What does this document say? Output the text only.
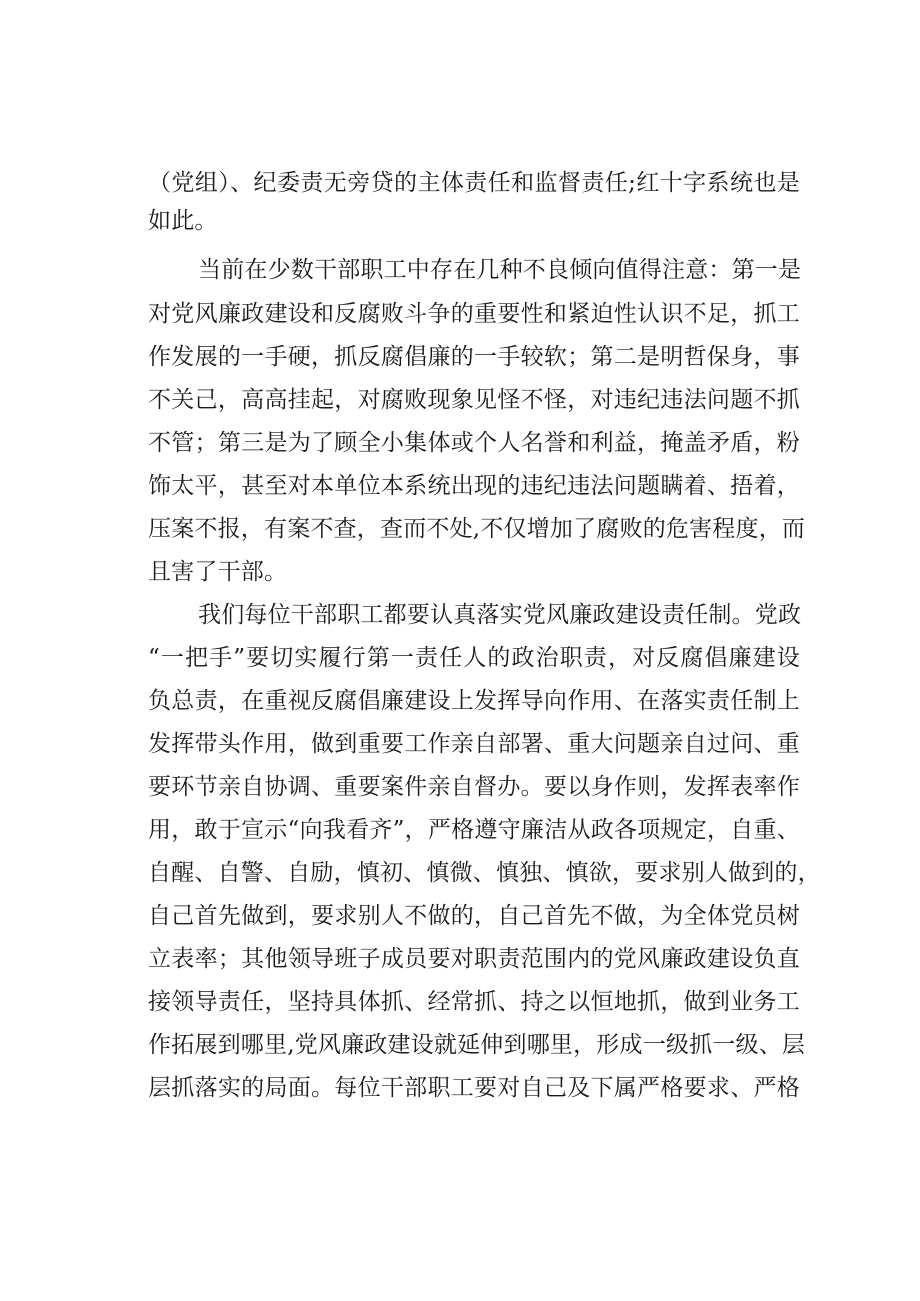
（党组）、纪委责无旁贷的主体责任和监督责任;红十字系统也是
如此。
当前在少数干部职工中存在几种不良倾向值得注意：第一是
对党风廉政建设和反腐败斗争的重要性和紧迫性认识不足，抓工
作发展的一手硬，抓反腐倡廉的一手较软；第二是明哲保身，事
不关己，高高挂起，对腐败现象见怪不怪，对违纪违法问题不抓
不管；第三是为了顾全小集体或个人名誉和利益，掩盖矛盾，粉
饰太平，甚至对本单位本系统出现的违纪违法问题瞒着、捂着，
压案不报，有案不查，查而不处,不仅增加了腐败的危害程度，而
且害了干部。
我们每位干部职工都要认真落实党风廉政建设责任制。党政
“一把手”要切实履行第一责任人的政治职责，对反腐倡廉建设
负总责，在重视反腐倡廉建设上发挥导向作用、在落实责任制上
发挥带头作用，做到重要工作亲自部署、重大问题亲自过问、重
要环节亲自协调、重要案件亲自督办。要以身作则，发挥表率作
用，敢于宣示“向我看齐”，严格遵守廉洁从政各项规定，自重、
自醒、自警、自励，慎初、慎微、慎独、慎欲，要求别人做到的，
自己首先做到，要求别人不做的，自己首先不做，为全体党员树
立表率；其他领导班子成员要对职责范围内的党风廉政建设负直
接领导责任，坚持具体抓、经常抓、持之以恒地抓，做到业务工
作拓展到哪里,党风廉政建设就延伸到哪里，形成一级抓一级、层
层抓落实的局面。每位干部职工要对自己及下属严格要求、严格
